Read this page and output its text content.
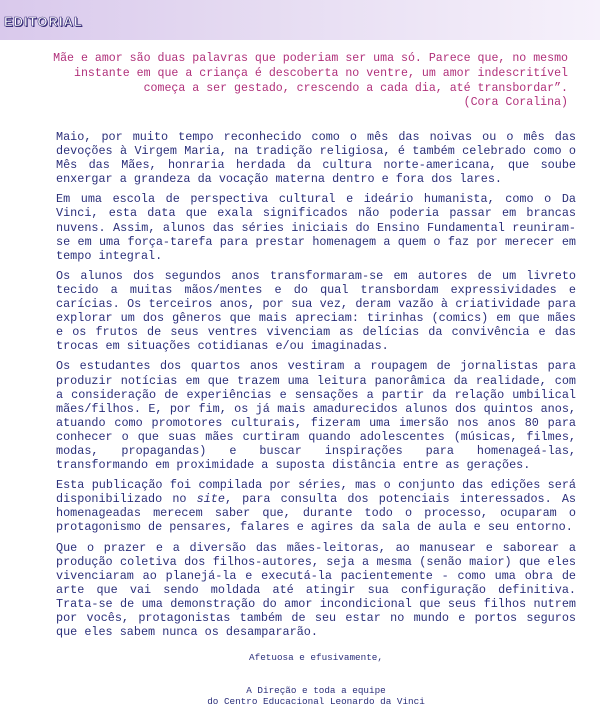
EDITORIAL

Mãe e amor são duas palavras que poderiam ser uma só. Parece que, no mesmo instante em que a criança é descoberta no ventre, um amor indescritível começa a ser gestado, crescendo a cada dia, até transbordar”.

(Cora Coralina)

Maio, por muito tempo reconhecido como o mês das noivas ou o mês das devoções à Virgem Maria, na tradição religiosa, é também celebrado como o Mês das Mães, honraria herdada da cultura norte-americana, que soube enxergar a grandeza da vocação materna dentro e fora dos lares.

Em uma escola de perspectiva cultural e ideário humanista, como o Da Vinci, esta data que exala significados não poderia passar em brancas nuvens. Assim, alunos das séries iniciais do Ensino Fundamental reuniram-se em uma força-tarefa para prestar homenagem a quem o faz por merecer em tempo integral.

Os alunos dos segundos anos transformaram-se em autores de um livreto tecido a muitas mãos/mentes e do qual transbordam expressividades e carícias. Os terceiros anos, por sua vez, deram vazão à criatividade para explorar um dos gêneros que mais apreciam: tirinhas (comics) em que mães e os frutos de seus ventres vivenciam as delícias da convivência e das trocas em situações cotidianas e/ou imaginadas.

Os estudantes dos quartos anos vestiram a roupagem de jornalistas para produzir notícias em que trazem uma leitura panorâmica da realidade, com a consideração de experiências e sensações a partir da relação umbilical mães/filhos. E, por fim, os já mais amadurecidos alunos dos quintos anos, atuando como promotores culturais, fizeram uma imersão nos anos 80 para conhecer o que suas mães curtiram quando adolescentes (músicas, filmes, modas, propagandas) e buscar inspirações para homenageá-las, transformando em proximidade a suposta distância entre as gerações.

Esta publicação foi compilada por séries, mas o conjunto das edições será disponibilizado no site, para consulta dos potenciais interessados. As homenageadas merecem saber que, durante todo o processo, ocuparam o protagonismo de pensares, falares e agires da sala de aula e seu entorno.

Que o prazer e a diversão das mães-leitoras, ao manusear e saborear a produção coletiva dos filhos-autores, seja a mesma (senão maior) que eles vivenciaram ao planejá-la e executá-la pacientemente - como uma obra de arte que vai sendo moldada até atingir sua configuração definitiva. Trata-se de uma demonstração do amor incondicional que seus filhos nutrem por vocês, protagonistas também de seu estar no mundo e portos seguros que eles sabem nunca os desampararão.

Afetuosa e efusivamente,
A Direção e toda a equipe
do Centro Educacional Leonardo da Vinci
